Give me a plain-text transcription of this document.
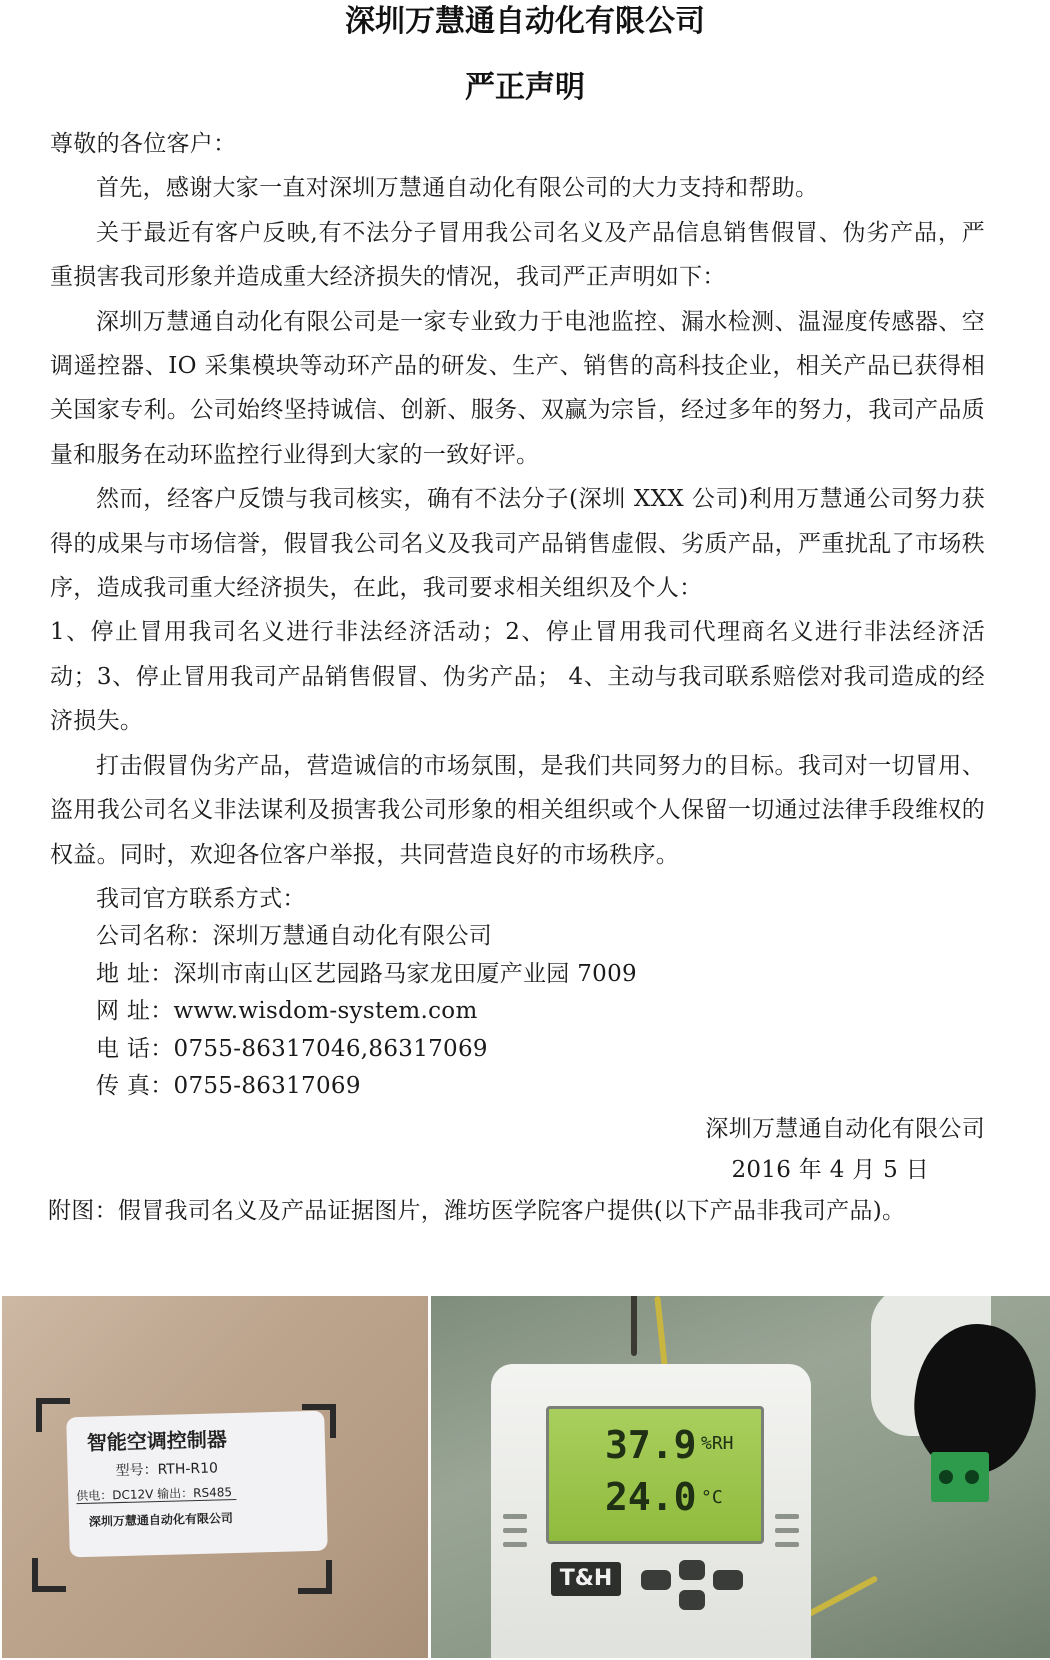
深圳万慧通自动化有限公司
严正声明

尊敬的各位客户：

首先，感谢大家一直对深圳万慧通自动化有限公司的大力支持和帮助。

关于最近有客户反映,有不法分子冒用我公司名义及产品信息销售假冒、伪劣产品，严重损害我司形象并造成重大经济损失的情况，我司严正声明如下：

深圳万慧通自动化有限公司是一家专业致力于电池监控、漏水检测、温湿度传感器、空调遥控器、IO 采集模块等动环产品的研发、生产、销售的高科技企业，相关产品已获得相关国家专利。公司始终坚持诚信、创新、服务、双赢为宗旨，经过多年的努力，我司产品质量和服务在动环监控行业得到大家的一致好评。

然而，经客户反馈与我司核实，确有不法分子(深圳 XXX 公司)利用万慧通公司努力获得的成果与市场信誉，假冒我公司名义及我司产品销售虚假、劣质产品，严重扰乱了市场秩序，造成我司重大经济损失，在此，我司要求相关组织及个人：

1、停止冒用我司名义进行非法经济活动；2、停止冒用我司代理商名义进行非法经济活动；3、停止冒用我司产品销售假冒、伪劣产品； 4、主动与我司联系赔偿对我司造成的经济损失。

打击假冒伪劣产品，营造诚信的市场氛围，是我们共同努力的目标。我司对一切冒用、盗用我公司名义非法谋利及损害我公司形象的相关组织或个人保留一切通过法律手段维权的权益。同时，欢迎各位客户举报，共同营造良好的市场秩序。

我司官方联系方式：

公司名称：深圳万慧通自动化有限公司

地 址：深圳市南山区艺园路马家龙田厦产业园 7009

网 址：www.wisdom-system.com

电 话：0755-86317046,86317069

传 真：0755-86317069

深圳万慧通自动化有限公司

2016 年 4 月 5 日

附图：假冒我司名义及产品证据图片，潍坊医学院客户提供(以下产品非我司产品)。

智能空调控制器
型号：RTH-R10
供电：DC12V 输出：RS485
深圳万慧通自动化有限公司
37.9 %RH
24.0 °C
T&H
